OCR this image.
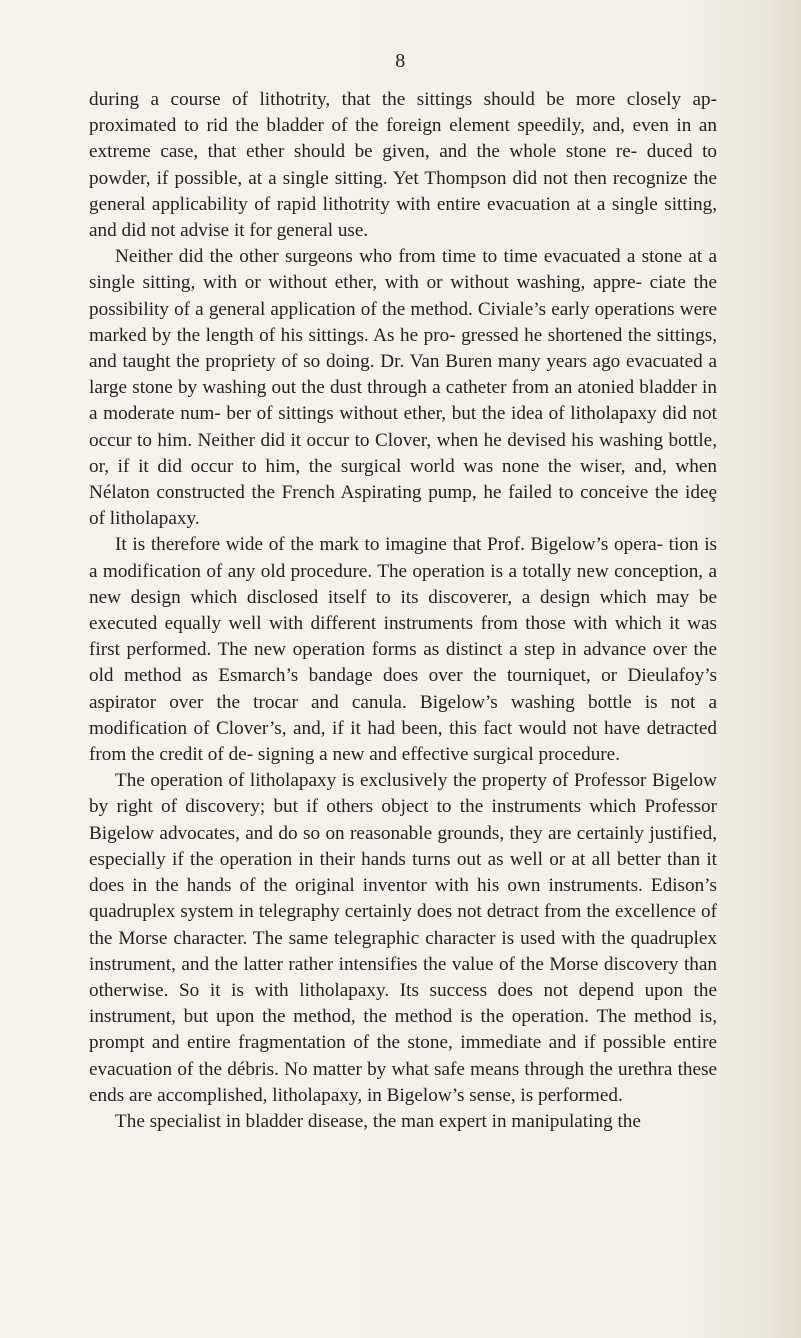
8

during a course of lithotrity, that the sittings should be more closely ap- proximated to rid the bladder of the foreign element speedily, and, even in an extreme case, that ether should be given, and the whole stone re- duced to powder, if possible, at a single sitting. Yet Thompson did not then recognize the general applicability of rapid lithotrity with entire evacuation at a single sitting, and did not advise it for general use.

Neither did the other surgeons who from time to time evacuated a stone at a single sitting, with or without ether, with or without washing, appre- ciate the possibility of a general application of the method. Civiale’s early operations were marked by the length of his sittings. As he pro- gressed he shortened the sittings, and taught the propriety of so doing. Dr. Van Buren many years ago evacuated a large stone by washing out the dust through a catheter from an atonied bladder in a moderate num- ber of sittings without ether, but the idea of litholapaxy did not occur to him. Neither did it occur to Clover, when he devised his washing bottle, or, if it did occur to him, the surgical world was none the wiser, and, when Nélaton constructed the French Aspirating pump, he failed to conceive the ideȩ of litholapaxy.

It is therefore wide of the mark to imagine that Prof. Bigelow’s opera- tion is a modification of any old procedure. The operation is a totally new conception, a new design which disclosed itself to its discoverer, a design which may be executed equally well with different instruments from those with which it was first performed. The new operation forms as distinct a step in advance over the old method as Esmarch’s bandage does over the tourniquet, or Dieulafoy’s aspirator over the trocar and canula. Bigelow’s washing bottle is not a modification of Clover’s, and, if it had been, this fact would not have detracted from the credit of de- signing a new and effective surgical procedure.

The operation of litholapaxy is exclusively the property of Professor Bigelow by right of discovery; but if others object to the instruments which Professor Bigelow advocates, and do so on reasonable grounds, they are certainly justified, especially if the operation in their hands turns out as well or at all better than it does in the hands of the original inventor with his own instruments. Edison’s quadruplex system in telegraphy certainly does not detract from the excellence of the Morse character. The same telegraphic character is used with the quadruplex instrument, and the latter rather intensifies the value of the Morse discovery than otherwise. So it is with litholapaxy. Its success does not depend upon the instrument, but upon the method, the method is the operation. The method is, prompt and entire fragmentation of the stone, immediate and if possible entire evacuation of the débris. No matter by what safe means through the urethra these ends are accomplished, litholapaxy, in Bigelow’s sense, is performed.

The specialist in bladder disease, the man expert in manipulating the
